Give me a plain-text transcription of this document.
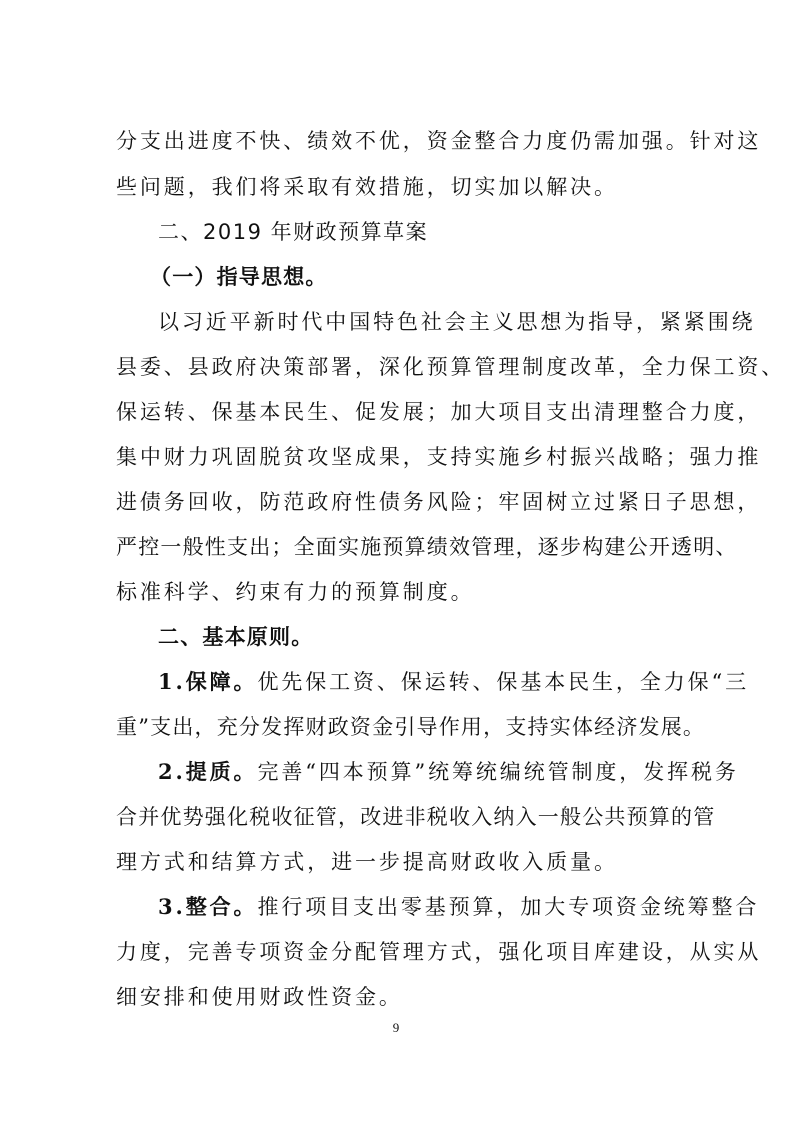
分支出进度不快、绩效不优，资金整合力度仍需加强。针对这
些问题，我们将采取有效措施，切实加以解决。
二、2019 年财政预算草案
（一）指导思想。
以习近平新时代中国特色社会主义思想为指导，紧紧围绕
县委、县政府决策部署，深化预算管理制度改革，全力保工资、
保运转、保基本民生、促发展；加大项目支出清理整合力度，
集中财力巩固脱贫攻坚成果，支持实施乡村振兴战略；强力推
进债务回收，防范政府性债务风险；牢固树立过紧日子思想，
严控一般性支出；全面实施预算绩效管理，逐步构建公开透明、
标准科学、约束有力的预算制度。
二、基本原则。
1.保障。优先保工资、保运转、保基本民生，全力保“三
重”支出，充分发挥财政资金引导作用，支持实体经济发展。
2.提质。完善“四本预算”统筹统编统管制度，发挥税务
合并优势强化税收征管，改进非税收入纳入一般公共预算的管
理方式和结算方式，进一步提高财政收入质量。
3.整合。推行项目支出零基预算，加大专项资金统筹整合
力度，完善专项资金分配管理方式，强化项目库建设，从实从
细安排和使用财政性资金。
9
